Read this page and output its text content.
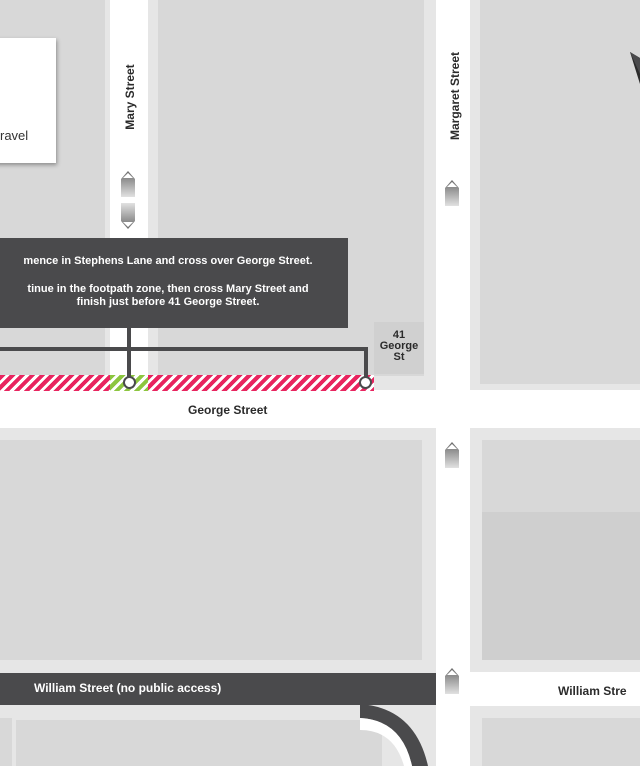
41
George
St
mence in Stephens Lane and cross over George Street.
tinue in the footpath zone, then cross Mary Street and
finish just before 41 George Street.
ravel
Mary Street	Margaret Street
George Street
William Street (no public access)	William Stre
